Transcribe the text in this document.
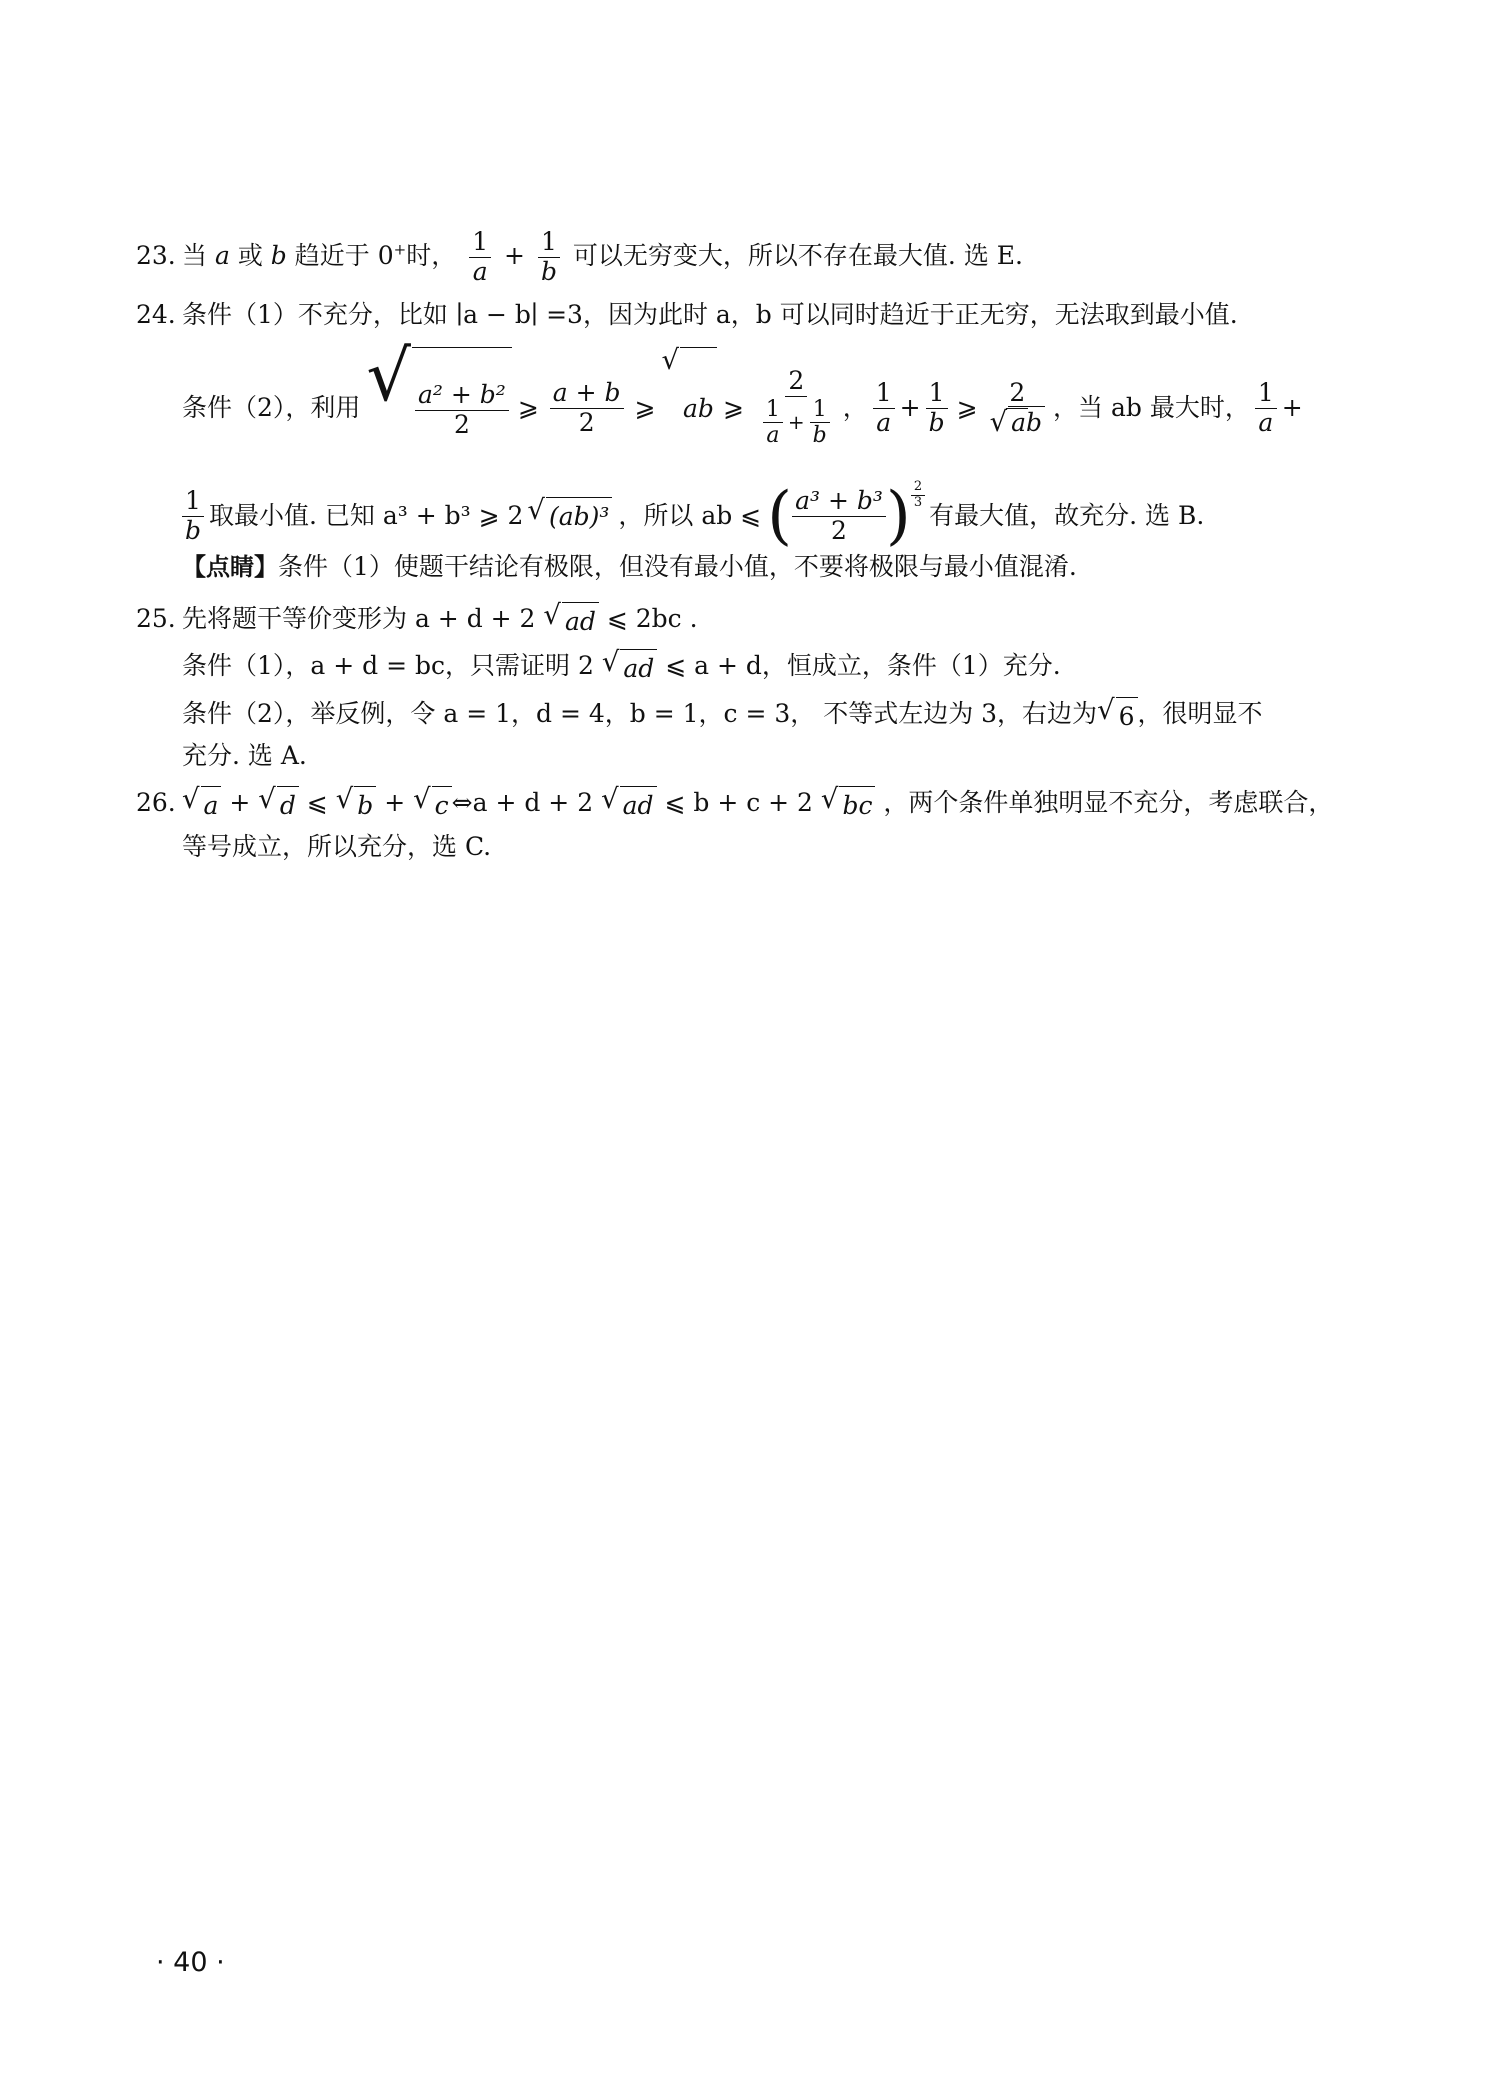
23. 当 a 或 b 趋近于 0+时， $\frac{1}{a} + \frac{1}{b}$ 可以无穷变大，所以不存在最大值. 选 E.
24. 条件（1）不充分，比如 ∣a − b∣ =3，因为此时 a，b 可以同时趋近于正无穷，无法取到最小值.
条件（2），利用 √ $\frac{\text{a² + b²}}{2}$ ⩾ $\frac{a + b}{2}$ ⩾
√
ab ⩾ $\frac{2}{\frac{1}{a} + \frac{1}{b}}$ ， $\frac{1}{a} + \frac{1}{b}$ ⩾ $\frac{2}{√ ab}$ ，当 ab 最大时， $\frac{1}{a}$ +
$\frac{1}{b}$ 取最小值. 已知 a³ + b³ ⩾ 2 √ (ab)³ ，所以 ab ⩽ ( $\frac{\text{a³ + b³}}{2}$ ) $\frac{2}{3}$
有最大值，故充分. 选 B.
【点睛】条件（1）使题干结论有极限，但没有最小值，不要将极限与最小值混淆.
25. 先将题干等价变形为 a + d + 2 √ ad ⩽ 2bc .
条件（1），a + d = bc，只需证明 2 √ ad ⩽ a + d，恒成立，条件（1）充分.
条件（2），举反例，令 a = 1，d = 4，b = 1，c = 3， 不等式左边为 3，右边为 √ 6 ，很明显不
充分. 选 A.
26. √ a + √ d ⩽ √ b + √ c ⇔a + d + 2 √ ad ⩽ b + c + 2 √ bc ，两个条件单独明显不充分，考虑联合，
等号成立，所以充分，选 C.
· 40 ·
